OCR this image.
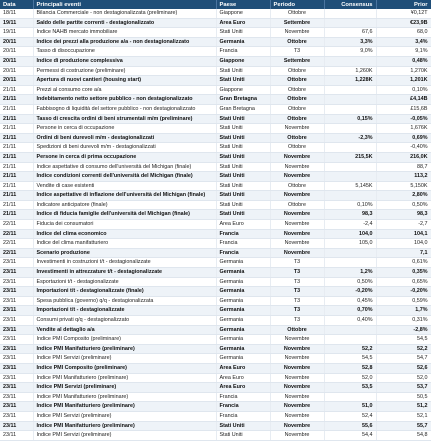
Data	Principali eventi	Paese	Periodo	Consensus	Prior
18/11	Bilancia Commerciale - non destagionalizzata (preliminare)	Giappone	Ottobre		¥0,12T
19/11	Saldo delle partite correnti - destagionalizzato	Area Euro	Settembre		€23,9B
19/11	Indice NAHB mercato immobiliare	Stati Uniti	Novembre	67,6	68,0
20/11	Indice dei prezzi alla produzione a/a - non destagionalizzato	Germania	Ottobre	3,3%	3,4%
20/11	Tasso di disoccupazione	Francia	T3	9,0%	9,1%
20/11	Indice di produzione complessiva	Giappone	Settembre		0,48%
20/11	Permessi di costruzione (preliminare)	Stati Uniti	Ottobre	1,260K	1,270K
20/11	Apertura di nuovi cantieri (housing start)	Stati Uniti	Ottobre	1,228K	1,201K
21/11	Prezzi al consumo core a/a	Giappone	Ottobre		0,10%
21/11	Indebitamento netto settore pubblico - non destagionalizzato	Gran Bretagna	Ottobre		£4,14B
21/11	Fabbisogno di liquidità del settore pubblico - non destagionalizzato	Gran Bretagna	Ottobre		£15,6B
21/11	Tasso di crescita ordini di beni strumentali m/m (preliminare)	Stati Uniti	Ottobre	0,15%	-0,05%
21/11	Persone in cerca di occupazione	Stati Uniti	Novembre		1,676K
21/11	Ordini di beni durevoli m/m - destagionalizzati	Stati Uniti	Ottobre	-2,3%	0,69%
21/11	Spedizioni di beni durevoli m/m - destagionalizzati	Stati Uniti	Ottobre		-0,40%
21/11	Persone in cerca di prima occupazione	Stati Uniti	Novembre	215,5K	216,0K
21/11	Indice aspettative di consumo dell'università del Michigan (finale)	Stati Uniti	Novembre		88,7
21/11	Indice condizioni correnti dell'università del Michigan (finale)	Stati Uniti	Novembre		113,2
21/11	Vendite di case esistenti	Stati Uniti	Ottobre	5,145K	5,150K
21/11	Indice aspettative di inflazione dell'università del Michigan (finale)	Stati Uniti	Novembre		2,80%
21/11	Indicatore anticipatore (finale)	Stati Uniti	Ottobre	0,10%	0,50%
21/11	Indice di fiducia famiglie dell'università del Michigan (finale)	Stati Uniti	Novembre	98,3	98,3
22/11	Fiducia dei consumatori	Area Euro	Novembre	-2,4	-2,7
22/11	Indice del clima economico	Francia	Novembre	104,0	104,1
22/11	Indice del clima manifatturiero	Francia	Novembre	105,0	104,0
22/11	Scenario produzione	Francia	Novembre		7,1
23/11	Investimenti in costruzioni t/t - destagionalizzate	Germania	T3		0,61%
23/11	Investimenti in attrezzature t/t - destagionalizzate	Germania	T3	1,2%	0,35%
23/11	Esportazioni t/t - destagionalizzate	Germania	T3	0,50%	0,65%
23/11	Importazioni t/t - destagionalizzate (finale)	Germania	T3	-0,20%	-0,20%
23/11	Spesa pubblica (governo) q/q - destagionalizzata	Germania	T3	0,45%	0,59%
23/11	Importazioni t/t - destagionalizzate	Germania	T3	0,70%	1,7%
23/11	Consumi privati q/q - destagionalizzato	Germania	T3	0,40%	0,31%
23/11	Vendite al dettaglio a/a	Germania	Ottobre		-2,8%
23/11	Indice PMI Composito (preliminare)	Germania	Novembre		54,5
23/11	Indice PMI Manifatturiero (preliminare)	Germania	Novembre	52,2	52,2
23/11	Indice PMI Servizi (preliminare)	Germania	Novembre	54,5	54,7
23/11	Indice PMI Composito (preliminare)	Area Euro	Novembre	52,8	52,6
23/11	Indice PMI Manifatturiero (preliminare)	Area Euro	Novembre	52,0	52,0
23/11	Indice PMI Servizi (preliminare)	Area Euro	Novembre	53,5	53,7
23/11	Indice PMI Manifatturiero (preliminare)	Francia	Novembre		50,5
23/11	Indice PMI Manifatturiero (preliminare)	Francia	Novembre	51,0	51,2
23/11	Indice PMI Servizi (preliminare)	Francia	Novembre	52,4	52,1
23/11	Indice PMI Manifatturiero (preliminare)	Stati Uniti	Novembre	55,6	55,7
23/11	Indice PMI Servizi (preliminare)	Stati Uniti	Novembre	54,4	54,8
